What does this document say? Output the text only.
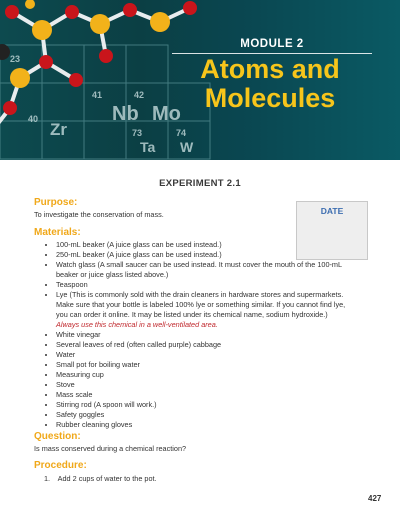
Nb Mo
Zr
41	42
40
74
W
23
73
Ta
MODULE 2
Atoms and
Molecules
EXPERIMENT 2.1
DATE
Purpose:
To investigate the conservation of mass.
Materials:
• 100-mL beaker (A juice glass can be used instead.)
• 250-mL beaker (A juice glass can be used instead.)
• Watch glass (A small saucer can be used instead. It must cover the mouth of the 100-mL beaker or juice glass listed above.)
• Teaspoon
• Lye (This is commonly sold with the drain cleaners in hardware stores and supermarkets. Make sure that your bottle is labeled 100% lye or something similar. If you cannot find lye, you can order it online. It may be listed under its chemical name, sodium hydroxide.)
Always use this chemical in a well-ventilated area.
• White vinegar
• Several leaves of red (often called purple) cabbage
• Water
• Small pot for boiling water
• Measuring cup
• Stove
• Mass scale
• Stirring rod (A spoon will work.)
• Safety goggles
• Rubber cleaning gloves
Question:
Is mass conserved during a chemical reaction?
Procedure:
1. Add 2 cups of water to the pot.
427
